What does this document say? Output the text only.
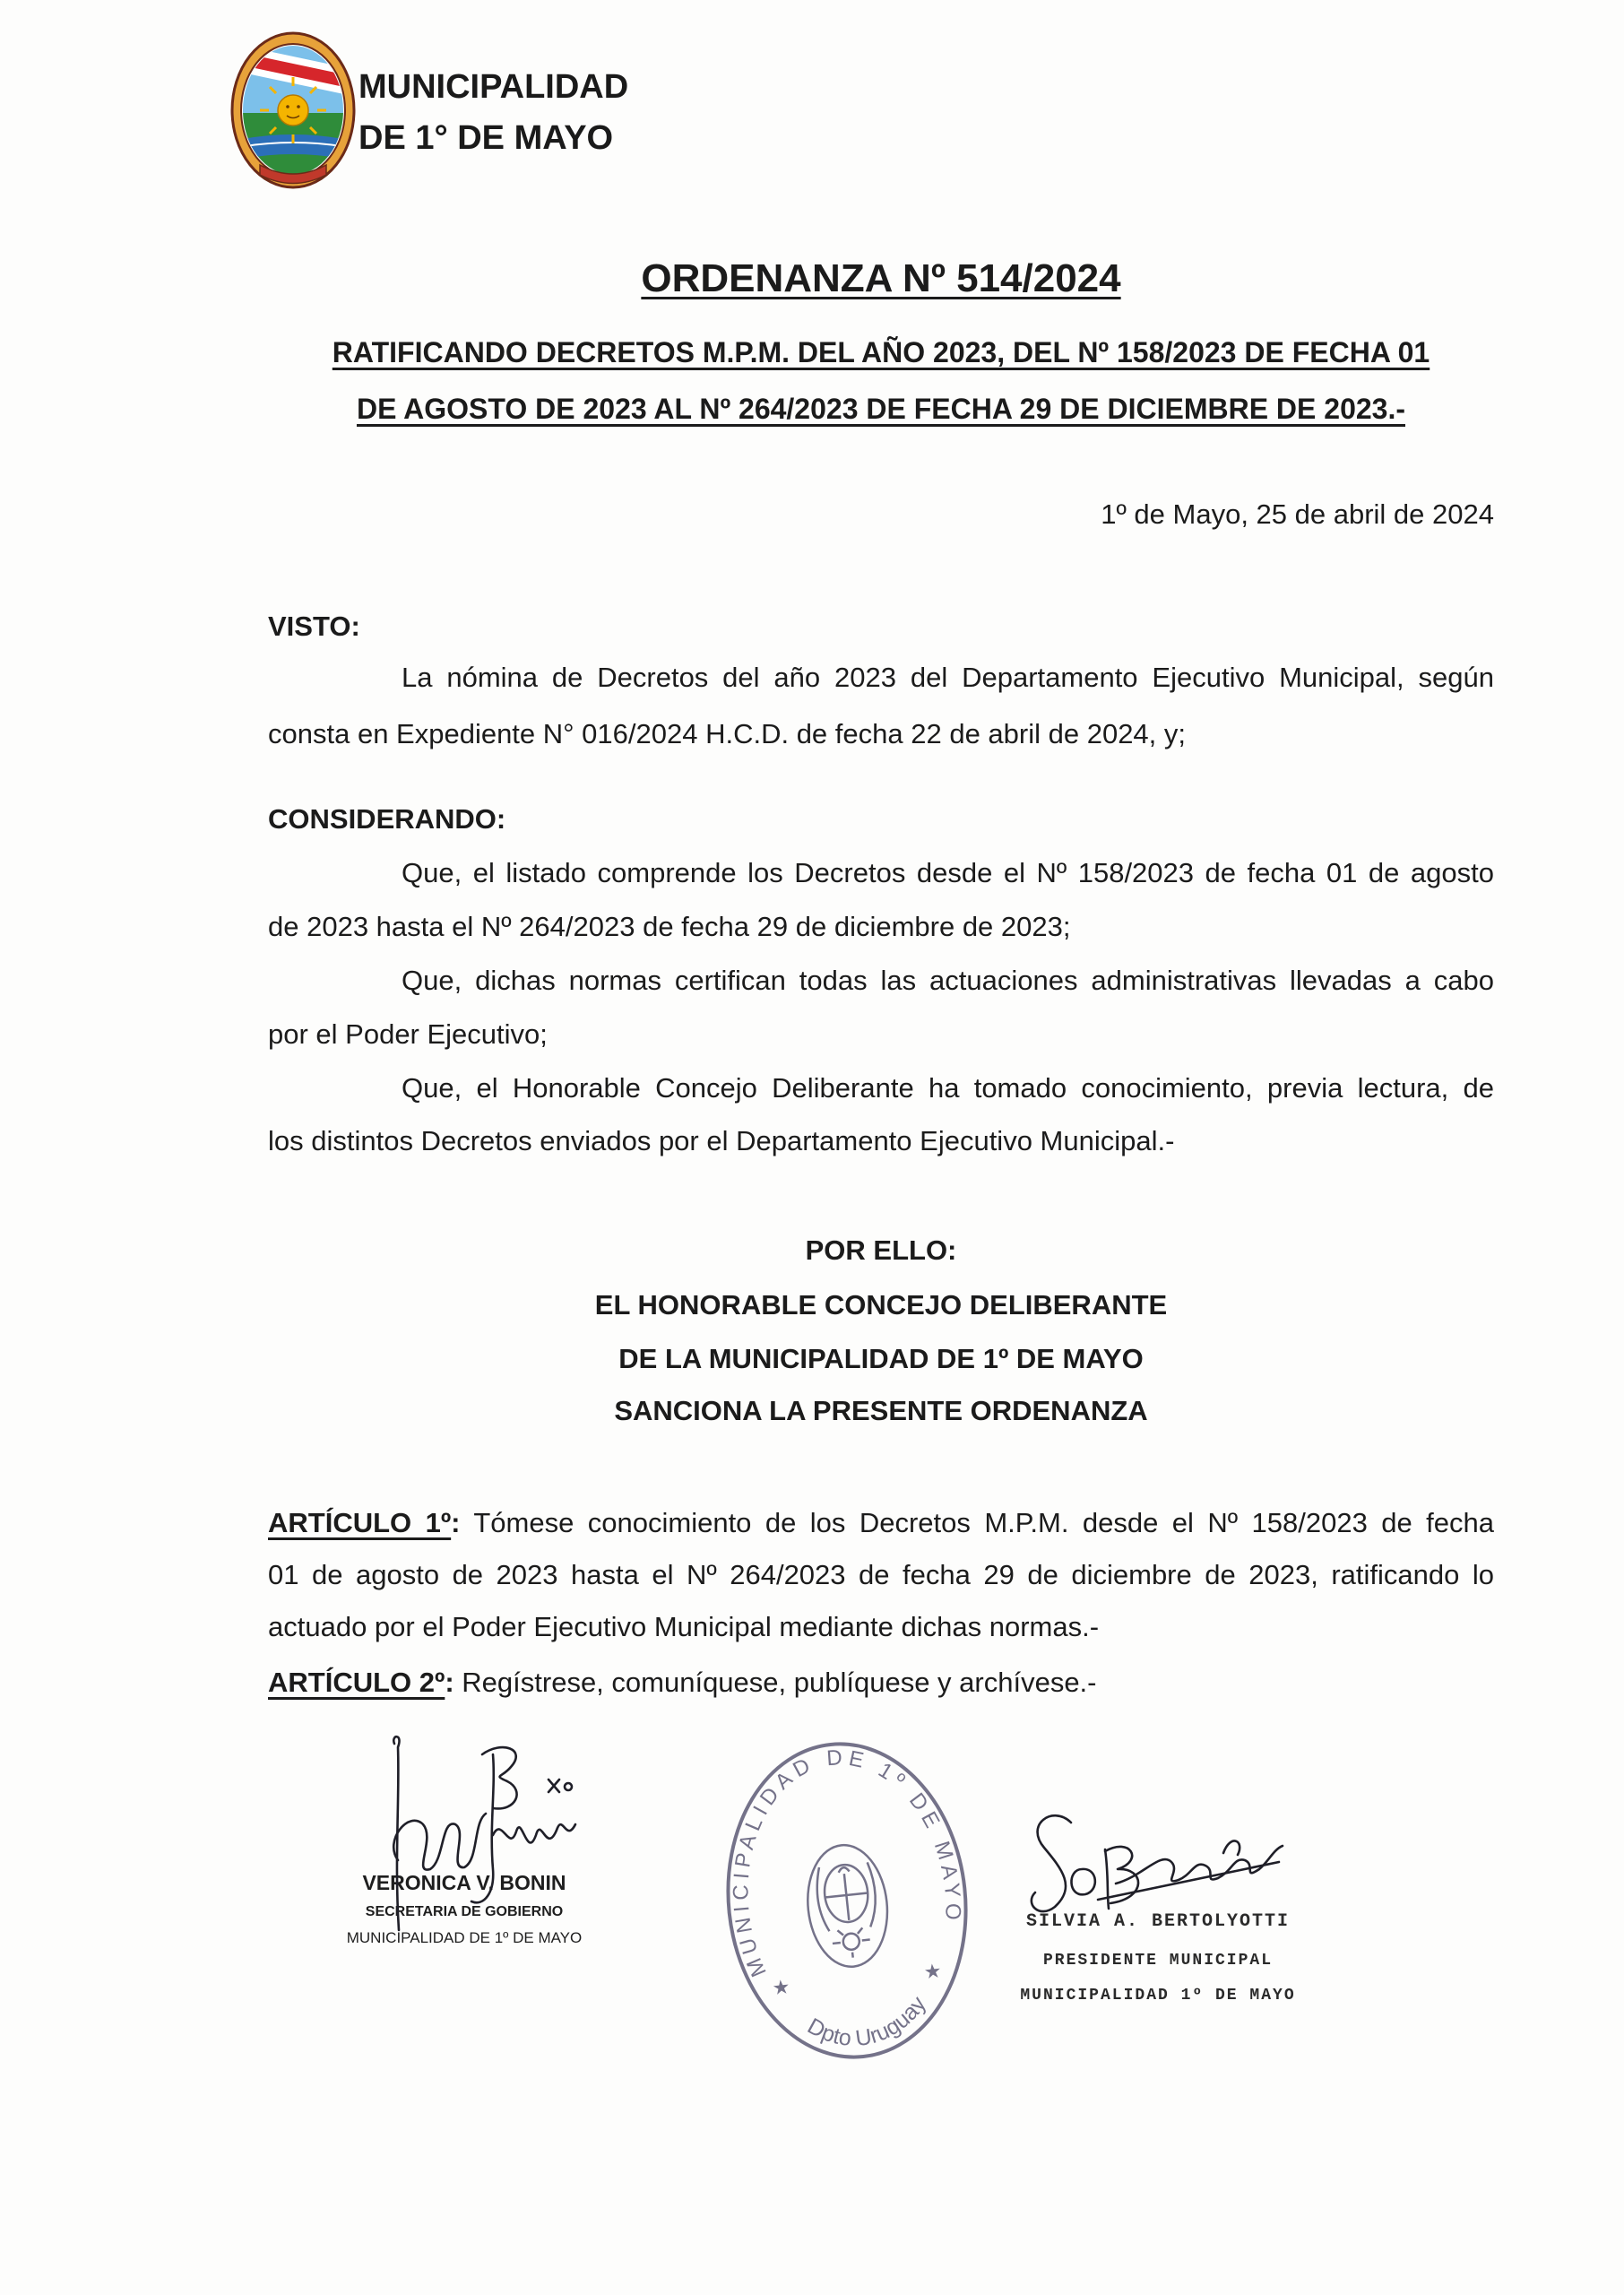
MUNICIPALIDAD
DE 1° DE MAYO
ORDENANZA Nº 514/2024
RATIFICANDO DECRETOS M.P.M. DEL AÑO 2023, DEL Nº 158/2023 DE FECHA 01
DE AGOSTO DE 2023 AL Nº 264/2023 DE FECHA 29 DE DICIEMBRE DE 2023.-
1º de Mayo, 25 de abril de 2024
VISTO:
La nómina de Decretos del año 2023 del Departamento Ejecutivo Municipal, según
consta en Expediente N° 016/2024 H.C.D. de fecha 22 de abril de 2024, y;
CONSIDERANDO:
Que, el listado comprende los Decretos desde el Nº 158/2023 de fecha 01 de agosto
de 2023 hasta el Nº 264/2023 de fecha 29 de diciembre de 2023;
Que, dichas normas certifican todas las actuaciones administrativas llevadas a cabo
por el Poder Ejecutivo;
Que, el Honorable Concejo Deliberante ha tomado conocimiento, previa lectura, de
los distintos Decretos enviados por el Departamento Ejecutivo Municipal.-
POR ELLO:
EL HONORABLE CONCEJO DELIBERANTE
DE LA MUNICIPALIDAD DE 1º DE MAYO
SANCIONA LA PRESENTE ORDENANZA
ARTÍCULO 1º: Tómese conocimiento de los Decretos M.P.M. desde el Nº 158/2023 de fecha
01 de agosto de 2023 hasta el Nº 264/2023 de fecha 29 de diciembre de 2023, ratificando lo
actuado por el Poder Ejecutivo Municipal mediante dichas normas.-
ARTÍCULO 2º: Regístrese, comuníquese, publíquese y archívese.-
VERONICA V. BONIN
SECRETARIA DE GOBIERNO
MUNICIPALIDAD DE 1º DE MAYO
MUNICIPALIDAD DE 1º DE MAYO
Dpto Uruguay
★
★
SILVIA A. BERTOLYOTTI
PRESIDENTE MUNICIPAL
MUNICIPALIDAD 1º DE MAYO
